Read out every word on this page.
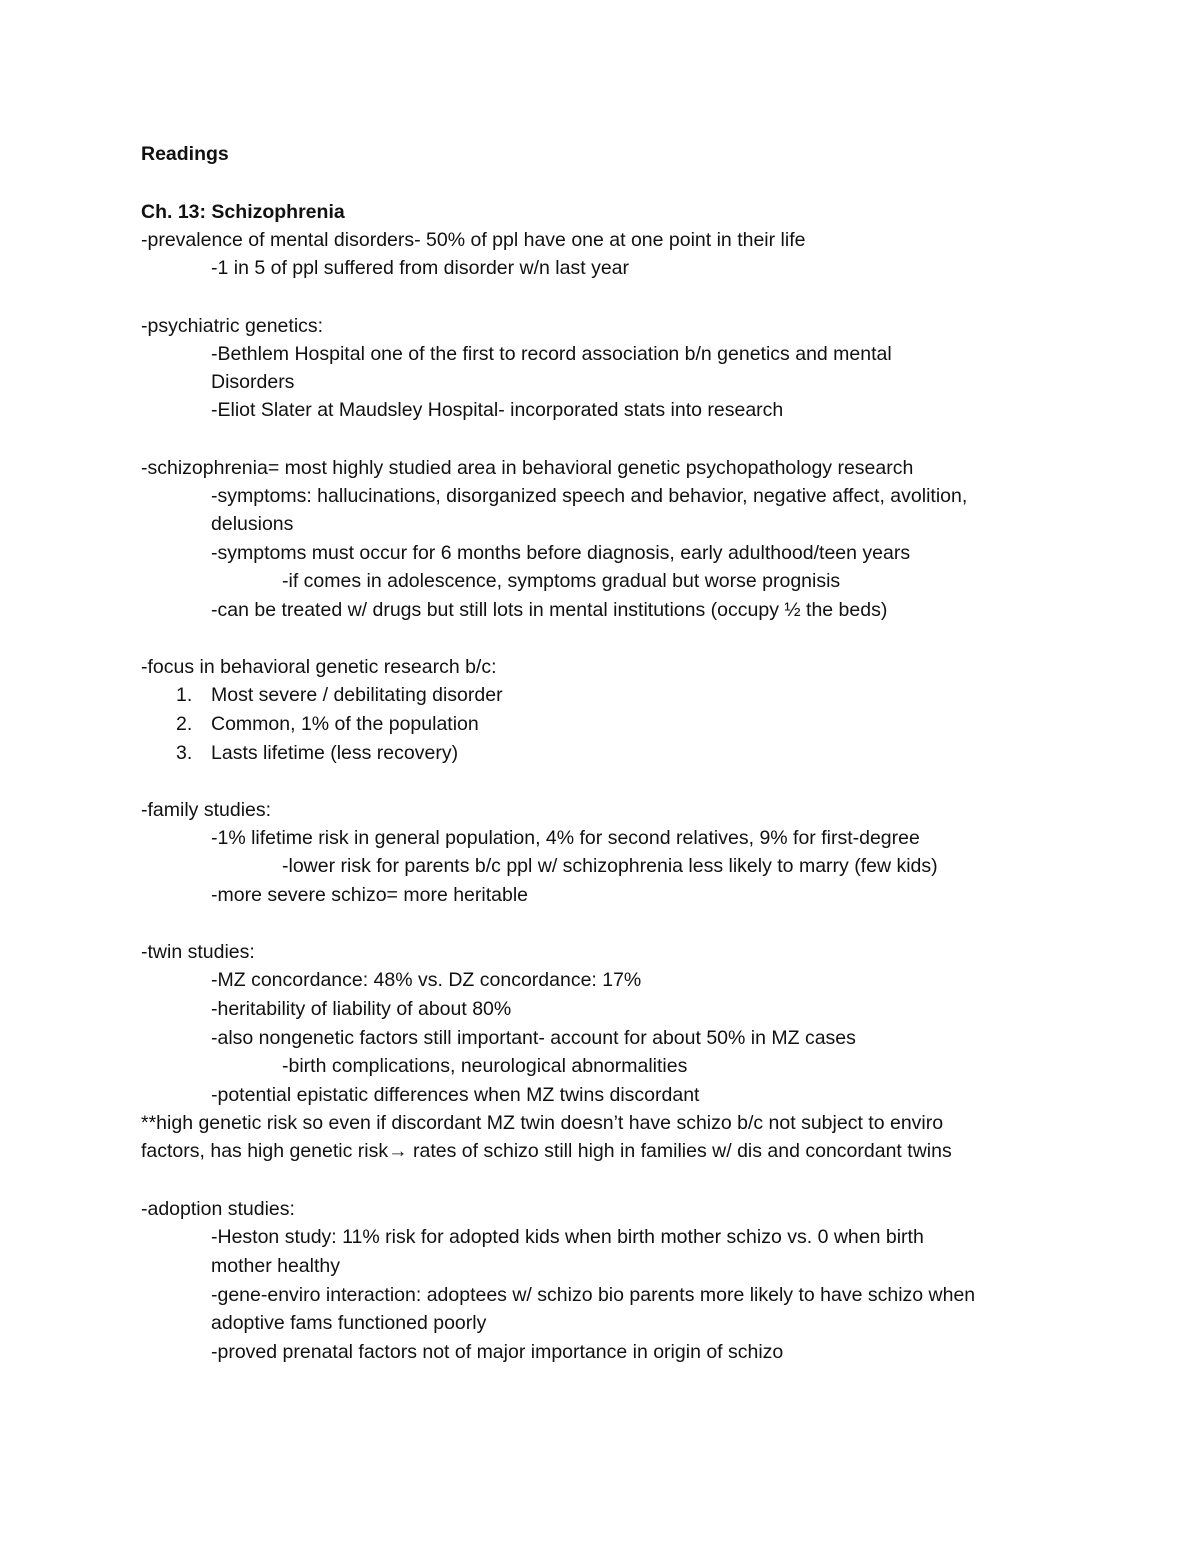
Readings
Ch. 13: Schizophrenia
-prevalence of mental disorders- 50% of ppl have one at one point in their life
-1 in 5 of ppl suffered from disorder w/n last year
-psychiatric genetics:
-Bethlem Hospital one of the first to record association b/n genetics and mental
Disorders
-Eliot Slater at Maudsley Hospital- incorporated stats into research
-schizophrenia= most highly studied area in behavioral genetic psychopathology research
-symptoms: hallucinations, disorganized speech and behavior, negative affect, avolition,
delusions
-symptoms must occur for 6 months before diagnosis, early adulthood/teen years
-if comes in adolescence, symptoms gradual but worse prognisis
-can be treated w/ drugs but still lots in mental institutions (occupy ½ the beds)
-focus in behavioral genetic research b/c:
1. Most severe / debilitating disorder
2. Common, 1% of the population
3. Lasts lifetime (less recovery)
-family studies:
-1% lifetime risk in general population, 4% for second relatives, 9% for first-degree
-lower risk for parents b/c ppl w/ schizophrenia less likely to marry (few kids)
-more severe schizo= more heritable
-twin studies:
-MZ concordance: 48% vs. DZ concordance: 17%
-heritability of liability of about 80%
-also nongenetic factors still important- account for about 50% in MZ cases
-birth complications, neurological abnormalities
-potential epistatic differences when MZ twins discordant
**high genetic risk so even if discordant MZ twin doesn’t have schizo b/c not subject to enviro
factors, has high genetic risk→ rates of schizo still high in families w/ dis and concordant twins
-adoption studies:
-Heston study: 11% risk for adopted kids when birth mother schizo vs. 0 when birth
mother healthy
-gene-enviro interaction: adoptees w/ schizo bio parents more likely to have schizo when
adoptive fams functioned poorly
-proved prenatal factors not of major importance in origin of schizo
